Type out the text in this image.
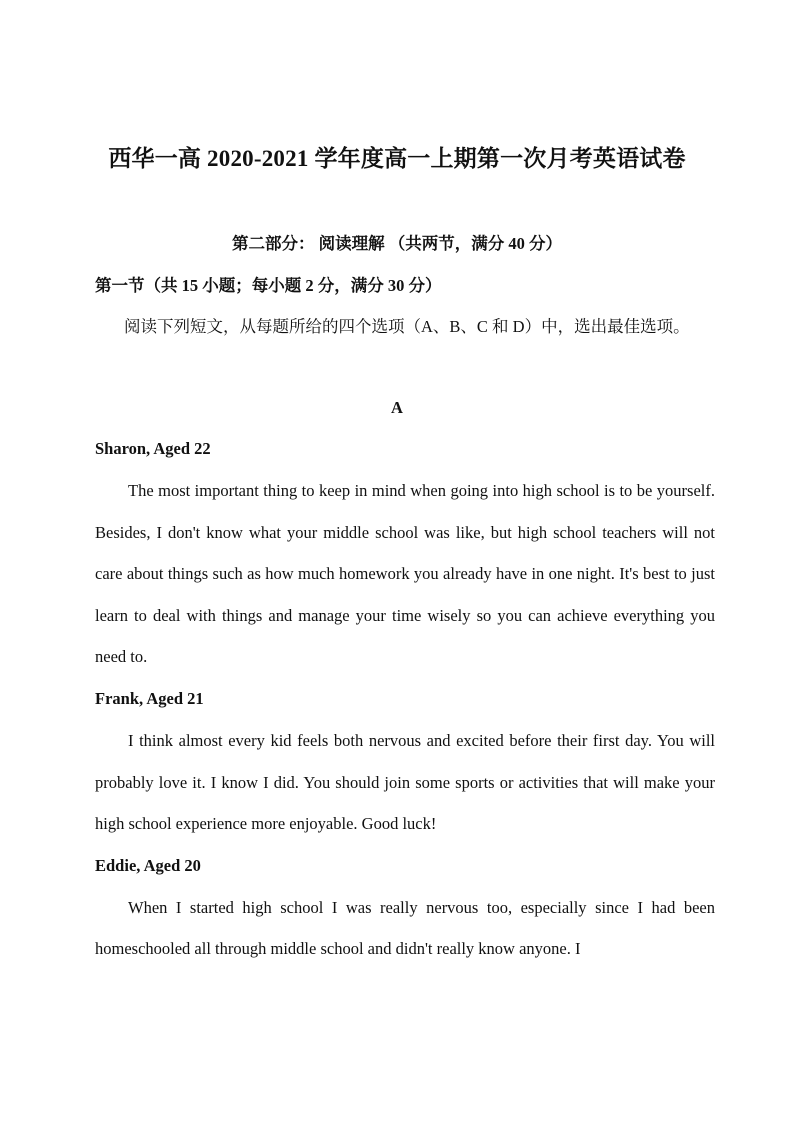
西华一高 2020-2021 学年度高一上期第一次月考英语试卷
第二部分： 阅读理解 （共两节，满分 40 分）
第一节（共 15 小题；每小题 2 分，满分 30 分）
阅读下列短文，从每题所给的四个选项（A、B、C 和 D）中，选出最佳选项。
A

Sharon, Aged 22

The most important thing to keep in mind when going into high school is to be yourself. Besides, I don't know what your middle school was like, but high school teachers will not care about things such as how much homework you already have in one night. It's best to just learn to deal with things and manage your time wisely so you can achieve everything you need to.

Frank, Aged 21

I think almost every kid feels both nervous and excited before their first day. You will probably love it. I know I did. You should join some sports or activities that will make your high school experience more enjoyable. Good luck!

Eddie, Aged 20

When I started high school I was really nervous too, especially since I had been homeschooled all through middle school and didn't really know anyone. I
